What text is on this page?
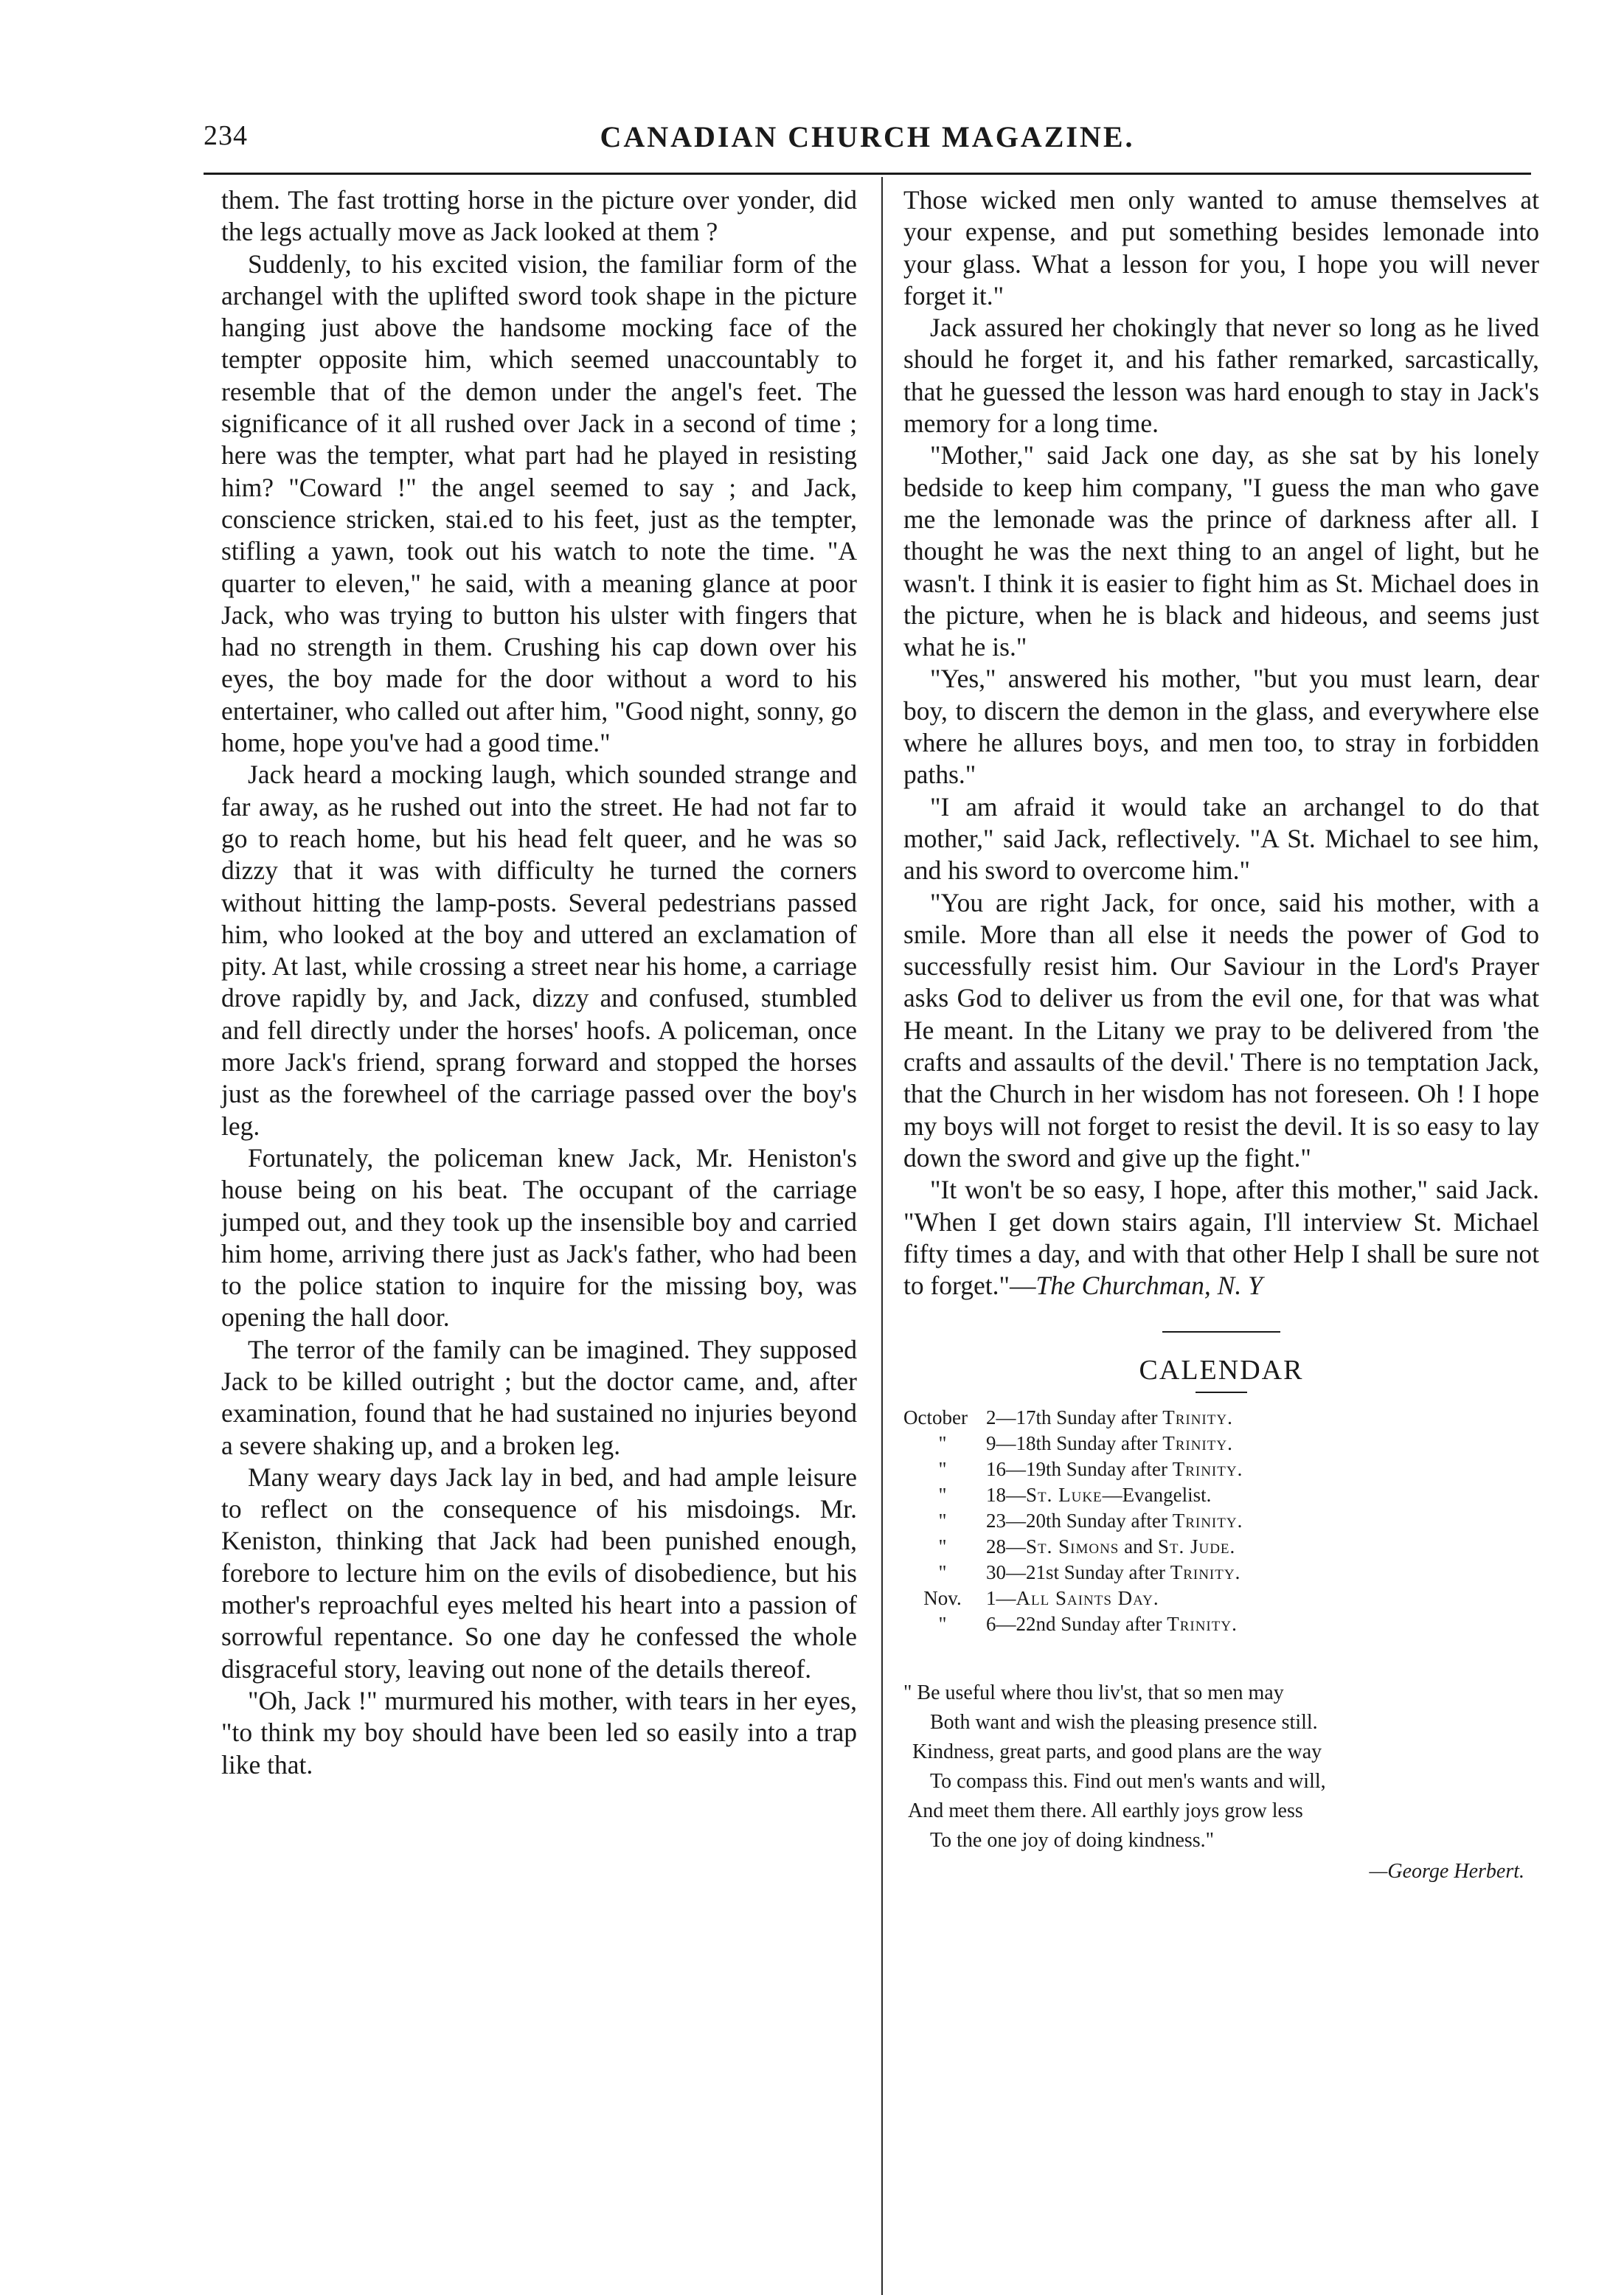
234	CANADIAN CHURCH MAGAZINE.

them. The fast trotting horse in the picture over yonder, did the legs actually move as Jack looked at them ?

Suddenly, to his excited vision, the familiar form of the archangel with the uplifted sword took shape in the picture hanging just above the handsome mocking face of the tempter opposite him, which seemed unaccountably to resemble that of the demon under the angel's feet. The significance of it all rushed over Jack in a second of time ; here was the tempter, what part had he played in resisting him? "Coward !" the angel seemed to say ; and Jack, conscience stricken, stai.ed to his feet, just as the tempter, stifling a yawn, took out his watch to note the time. "A quarter to eleven," he said, with a meaning glance at poor Jack, who was trying to button his ulster with fingers that had no strength in them. Crushing his cap down over his eyes, the boy made for the door without a word to his entertainer, who called out after him, "Good night, sonny, go home, hope you've had a good time."

Jack heard a mocking laugh, which sounded strange and far away, as he rushed out into the street. He had not far to go to reach home, but his head felt queer, and he was so dizzy that it was with difficulty he turned the corners without hitting the lamp-posts. Several pedestrians passed him, who looked at the boy and uttered an exclamation of pity. At last, while crossing a street near his home, a carriage drove rapidly by, and Jack, dizzy and confused, stumbled and fell directly under the horses' hoofs. A policeman, once more Jack's friend, sprang forward and stopped the horses just as the forewheel of the carriage passed over the boy's leg.

Fortunately, the policeman knew Jack, Mr. Heniston's house being on his beat. The occupant of the carriage jumped out, and they took up the insensible boy and carried him home, arriving there just as Jack's father, who had been to the police station to inquire for the missing boy, was opening the hall door.

The terror of the family can be imagined. They supposed Jack to be killed outright ; but the doctor came, and, after examination, found that he had sustained no injuries beyond a severe shaking up, and a broken leg.

Many weary days Jack lay in bed, and had ample leisure to reflect on the consequence of his misdoings. Mr. Keniston, thinking that Jack had been punished enough, forebore to lecture him on the evils of disobedience, but his mother's reproachful eyes melted his heart into a passion of sorrowful repentance. So one day he confessed the whole disgraceful story, leaving out none of the details thereof.

"Oh, Jack !" murmured his mother, with tears in her eyes, "to think my boy should have been led so easily into a trap like that.

Those wicked men only wanted to amuse themselves at your expense, and put something besides lemonade into your glass. What a lesson for you, I hope you will never forget it."

Jack assured her chokingly that never so long as he lived should he forget it, and his father remarked, sarcastically, that he guessed the lesson was hard enough to stay in Jack's memory for a long time.

"Mother," said Jack one day, as she sat by his lonely bedside to keep him company, "I guess the man who gave me the lemonade was the prince of darkness after all. I thought he was the next thing to an angel of light, but he wasn't. I think it is easier to fight him as St. Michael does in the picture, when he is black and hideous, and seems just what he is."

"Yes," answered his mother, "but you must learn, dear boy, to discern the demon in the glass, and everywhere else where he allures boys, and men too, to stray in forbidden paths."

"I am afraid it would take an archangel to do that mother," said Jack, reflectively. "A St. Michael to see him, and his sword to overcome him."

"You are right Jack, for once, said his mother, with a smile. More than all else it needs the power of God to successfully resist him. Our Saviour in the Lord's Prayer asks God to deliver us from the evil one, for that was what He meant. In the Litany we pray to be delivered from 'the crafts and assaults of the devil.' There is no temptation Jack, that the Church in her wisdom has not foreseen. Oh ! I hope my boys will not forget to resist the devil. It is so easy to lay down the sword and give up the fight."

"It won't be so easy, I hope, after this mother," said Jack. "When I get down stairs again, I'll interview St. Michael fifty times a day, and with that other Help I shall be sure not to forget."—The Churchman, N. Y

CALENDAR
October 2—17th Sunday after Trinity.
"	9—18th Sunday after Trinity.
"	16—19th Sunday after Trinity.
"	18—St. Luke—Evangelist.
"	23—20th Sunday after Trinity.
"	28—St. Simons and St. Jude.
"	30—21st Sunday after Trinity.
Nov.	1—All Saints Day.
"	6—22nd Sunday after Trinity.
" Be useful where thou liv'st, that so men may
Both want and wish the pleasing presence still.
Kindness, great parts, and good plans are the way
To compass this. Find out men's wants and will,
And meet them there. All earthly joys grow less
To the one joy of doing kindness."
—George Herbert.
